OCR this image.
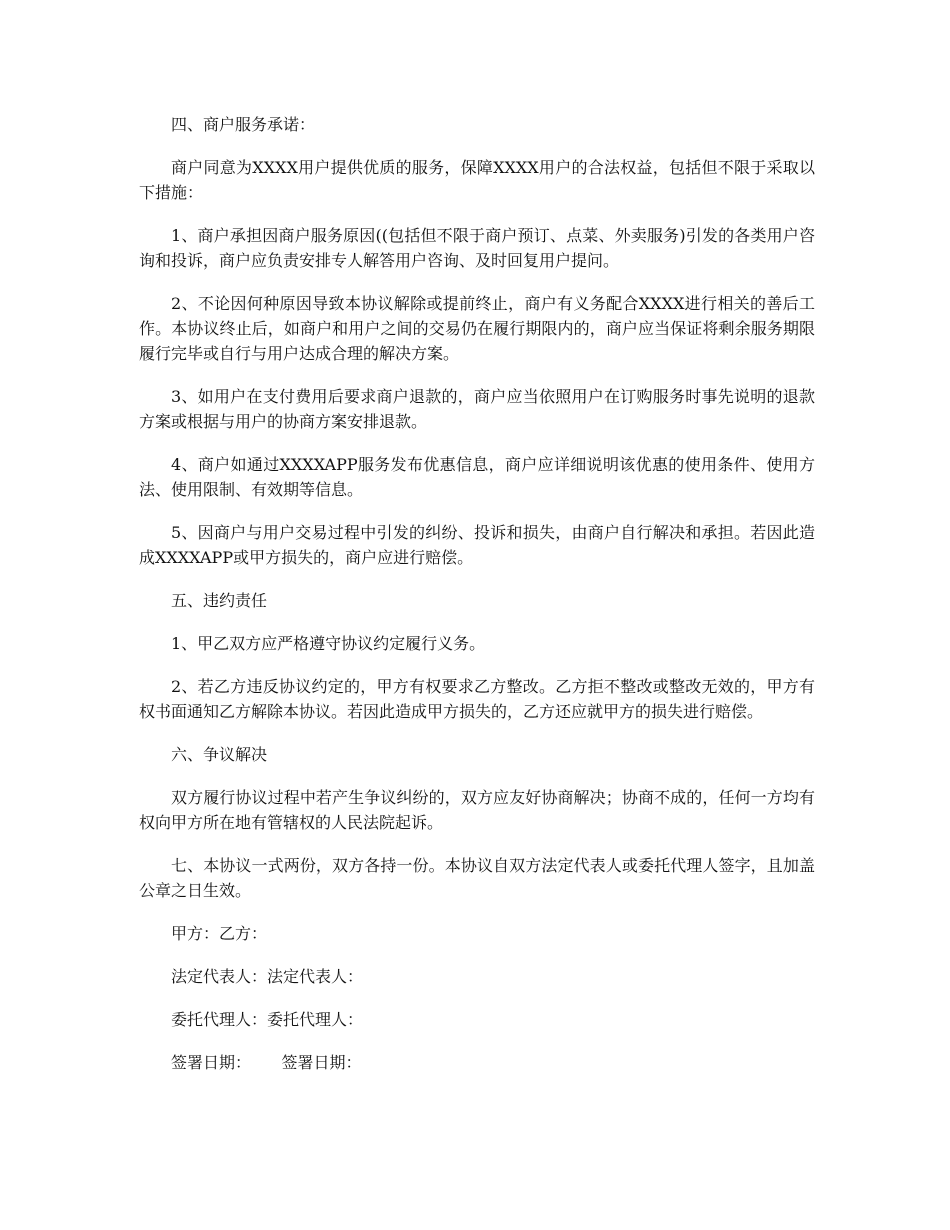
四、商户服务承诺：

商户同意为XXXX用户提供优质的服务，保障XXXX用户的合法权益，包括但不限于采取以下措施：

1、商户承担因商户服务原因((包括但不限于商户预订、点菜、外卖服务)引发的各类用户咨询和投诉，商户应负责安排专人解答用户咨询、及时回复用户提问。

2、不论因何种原因导致本协议解除或提前终止，商户有义务配合XXXX进行相关的善后工作。本协议终止后，如商户和用户之间的交易仍在履行期限内的，商户应当保证将剩余服务期限履行完毕或自行与用户达成合理的解决方案。

3、如用户在支付费用后要求商户退款的，商户应当依照用户在订购服务时事先说明的退款方案或根据与用户的协商方案安排退款。

4、商户如通过XXXXAPP服务发布优惠信息，商户应详细说明该优惠的使用条件、使用方法、使用限制、有效期等信息。

5、因商户与用户交易过程中引发的纠纷、投诉和损失，由商户自行解决和承担。若因此造成XXXXAPP或甲方损失的，商户应进行赔偿。

五、违约责任

1、甲乙双方应严格遵守协议约定履行义务。

2、若乙方违反协议约定的，甲方有权要求乙方整改。乙方拒不整改或整改无效的，甲方有权书面通知乙方解除本协议。若因此造成甲方损失的，乙方还应就甲方的损失进行赔偿。

六、争议解决

双方履行协议过程中若产生争议纠纷的，双方应友好协商解决；协商不成的，任何一方均有权向甲方所在地有管辖权的人民法院起诉。

七、本协议一式两份，双方各持一份。本协议自双方法定代表人或委托代理人签字，且加盖公章之日生效。

甲方：乙方：

法定代表人：法定代表人：

委托代理人：委托代理人：

签署日期：      签署日期：
